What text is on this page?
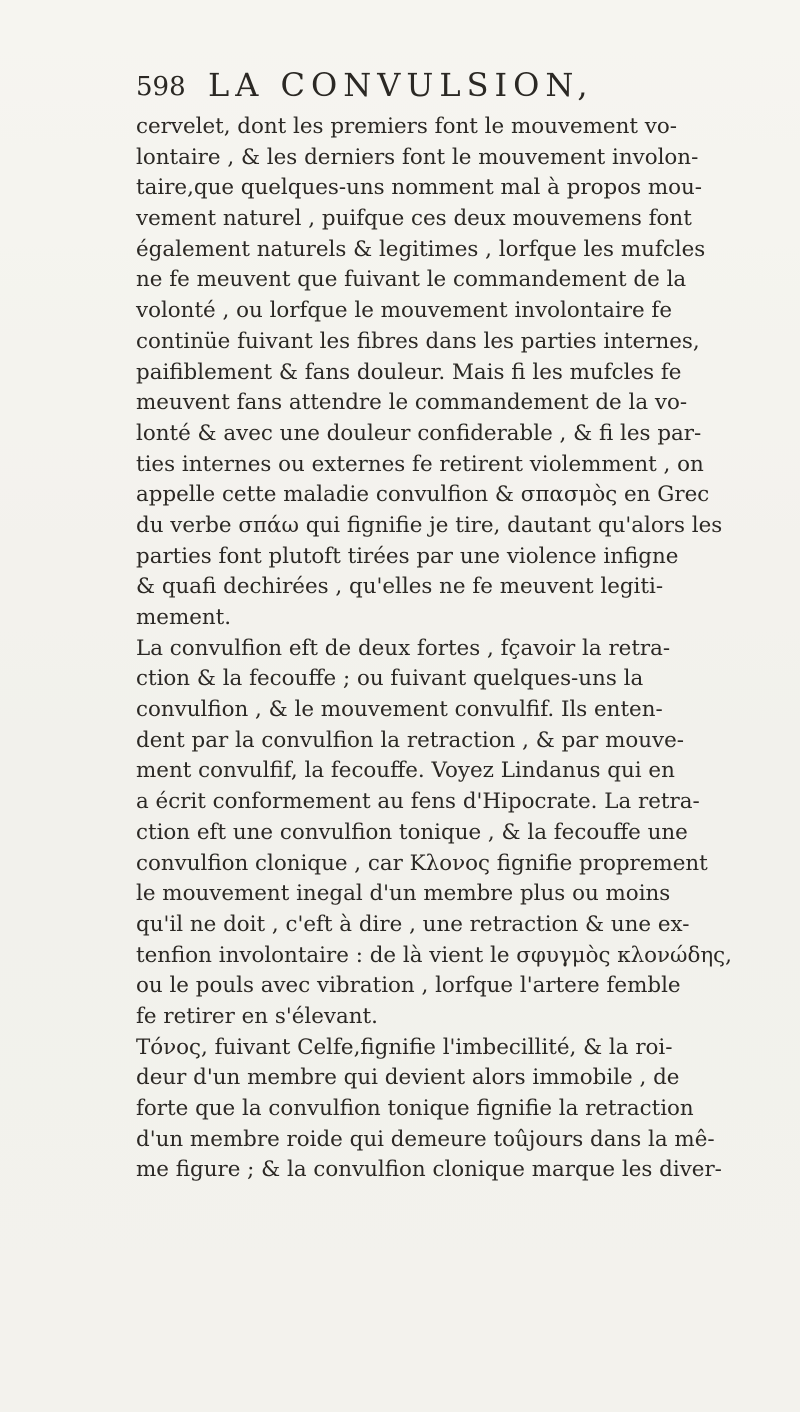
598 LA CONVULSION,
cervelet, dont les premiers font le mouvement vo-
lontaire , & les derniers font le mouvement involon-
taire,que quelques-uns nomment mal à propos mou-
vement naturel , puifque ces deux mouvemens font
également naturels & legitimes , lorfque les mufcles
ne fe meuvent que fuivant le commandement de la
volonté , ou lorfque le mouvement involontaire fe
continüe fuivant les fibres dans les parties internes,
paifiblement & fans douleur. Mais fi les mufcles fe
meuvent fans attendre le commandement de la vo-
lonté & avec une douleur confiderable , & fi les par-
ties internes ou externes fe retirent violemment , on
appelle cette maladie convulfion & σπασμὸς en Grec
du verbe σπάω qui fignifie je tire, dautant qu'alors les
parties font plutoft tirées par une violence infigne
& quafi dechirées , qu'elles ne fe meuvent legiti-
mement.
La convulfion eft de deux fortes , fçavoir la retra-
ction & la fecouffe ; ou fuivant quelques-uns la
convulfion , & le mouvement convulfif. Ils enten-
dent par la convulfion la retraction , & par mouve-
ment convulfif, la fecouffe. Voyez Lindanus qui en
a écrit conformement au fens d'Hipocrate. La retra-
ction eft une convulfion tonique , & la fecouffe une
convulfion clonique , car Κλονος fignifie proprement
le mouvement inegal d'un membre plus ou moins
qu'il ne doit , c'eft à dire , une retraction & une ex-
tenfion involontaire : de là vient le σφυγμὸς κλονώδης,
ou le pouls avec vibration , lorfque l'artere femble
fe retirer en s'élevant.
Τόνος, fuivant Celfe,fignifie l'imbecillité, & la roi-
deur d'un membre qui devient alors immobile , de
forte que la convulfion tonique fignifie la retraction
d'un membre roide qui demeure toûjours dans la mê-
me figure ; & la convulfion clonique marque les diver-
